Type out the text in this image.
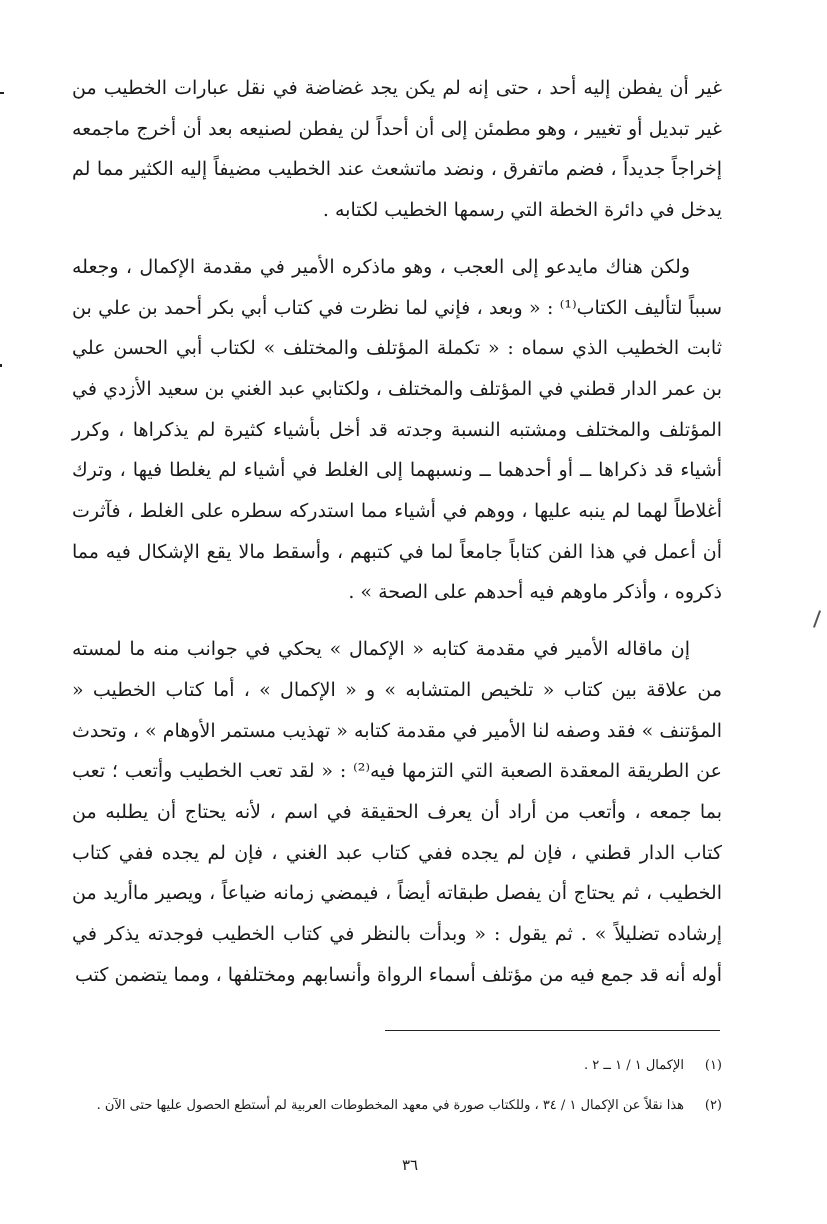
غير أن يفطن إليه أحد ، حتى إنه لم يكن يجد غضاضة في نقل عبارات الخطيب من غير تبديل أو تغيير ، وهو مطمئن إلى أن أحداً لن يفطن لصنيعه بعد أن أخرج ماجمعه إخراجاً جديداً ، فضم ماتفرق ، ونضد ماتشعث عند الخطيب مضيفاً إليه الكثير مما لم يدخل في دائرة الخطة التي رسمها الخطيب لكتابه .

ولكن هناك مايدعو إلى العجب ، وهو ماذكره الأمير في مقدمة الإكمال ، وجعله سبباً لتأليف الكتاب⁽¹⁾ : « وبعد ، فإني لما نظرت في كتاب أبي بكر أحمد بن علي بن ثابت الخطيب الذي سماه : « تكملة المؤتلف والمختلف » لكتاب أبي الحسن علي بن عمر الدار قطني في المؤتلف والمختلف ، ولكتابي عبد الغني بن سعيد الأزدي في المؤتلف والمختلف ومشتبه النسبة وجدته قد أخل بأشياء كثيرة لم يذكراها ، وكرر أشياء قد ذكراها ــ أو أحدهما ــ ونسبهما إلى الغلط في أشياء لم يغلطا فيها ، وترك أغلاطاً لهما لم ينبه عليها ، ووهم في أشياء مما استدركه سطره على الغلط ، فآثرت أن أعمل في هذا الفن كتاباً جامعاً لما في كتبهم ، وأسقط مالا يقع الإشكال فيه مما ذكروه ، وأذكر ماوهم فيه أحدهم على الصحة » .

إن ماقاله الأمير في مقدمة كتابه « الإكمال » يحكي في جوانب منه ما لمسته من علاقة بين كتاب « تلخيص المتشابه » و « الإكمال » ، أما كتاب الخطيب « المؤتنف » فقد وصفه لنا الأمير في مقدمة كتابه « تهذيب مستمر الأوهام » ، وتحدث عن الطريقة المعقدة الصعبة التي التزمها فيه⁽²⁾ : « لقد تعب الخطيب وأتعب ؛ تعب بما جمعه ، وأتعب من أراد أن يعرف الحقيقة في اسم ، لأنه يحتاج أن يطلبه من كتاب الدار قطني ، فإن لم يجده ففي كتاب عبد الغني ، فإن لم يجده ففي كتاب الخطيب ، ثم يحتاج أن يفصل طبقاته أيضاً ، فيمضي زمانه ضياعاً ، ويصير ماأريد من إرشاده تضليلاً » . ثم يقول : « وبدأت بالنظر في كتاب الخطيب فوجدته يذكر في أوله أنه قد جمع فيه من مؤتلف أسماء الرواة وأنسابهم ومختلفها ، ومما يتضمن كتب

(١)
الإكمال ١ / ١ ــ ٢ .
(٢)
هذا نقلاً عن الإكمال ١ / ٣٤ ، وللكتاب صورة في معهد المخطوطات العربية لم أستطع الحصول عليها حتى الآن .
٣٦
